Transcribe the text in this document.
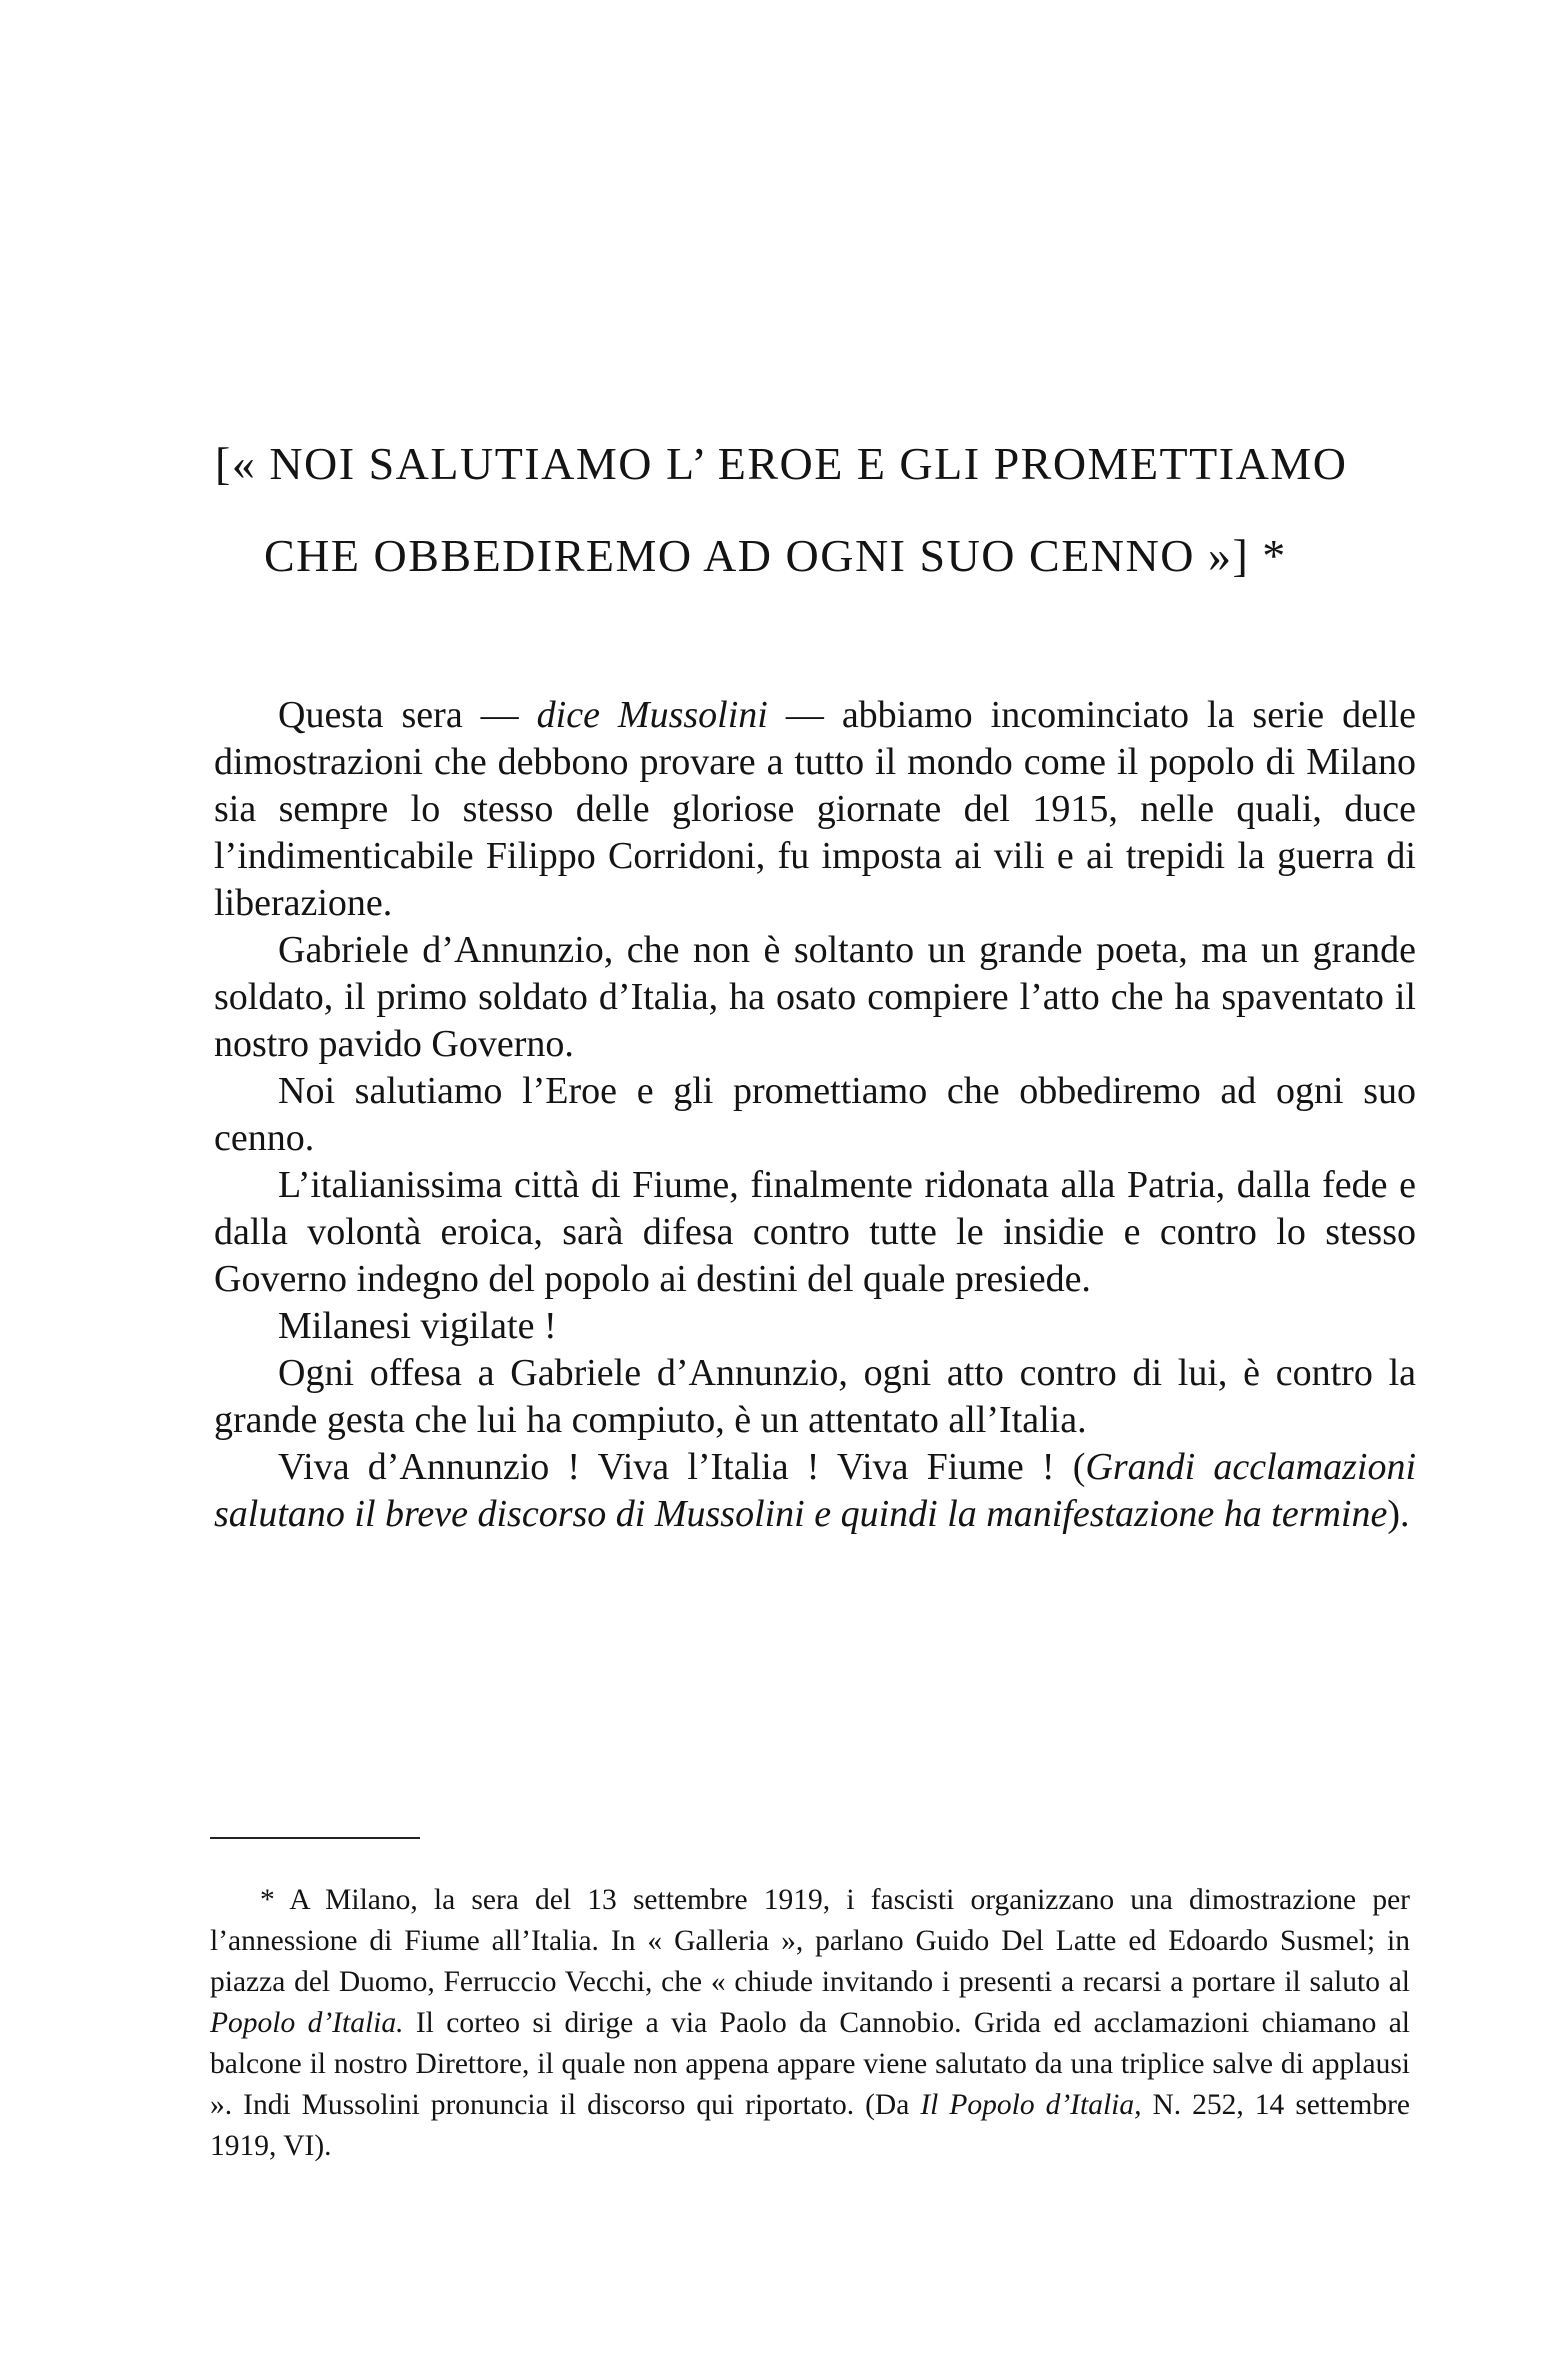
[« NOI SALUTIAMO L’ EROE E GLI PROMETTIAMO
CHE OBBEDIREMO AD OGNI SUO CENNO »] *

Questa sera — dice Mussolini — abbiamo incominciato la serie delle dimostrazioni che debbono provare a tutto il mondo come il popolo di Milano sia sempre lo stesso delle gloriose giornate del 1915, nelle quali, duce l’indimenticabile Filippo Corridoni, fu imposta ai vili e ai trepidi la guerra di liberazione.

Gabriele d’Annunzio, che non è soltanto un grande poeta, ma un grande soldato, il primo soldato d’Italia, ha osato compiere l’atto che ha spaventato il nostro pavido Governo.

Noi salutiamo l’Eroe e gli promettiamo che obbediremo ad ogni suo cenno.

L’italianissima città di Fiume, finalmente ridonata alla Patria, dalla fede e dalla volontà eroica, sarà difesa contro tutte le insidie e contro lo stesso Governo indegno del popolo ai destini del quale presiede.

Milanesi vigilate !

Ogni offesa a Gabriele d’Annunzio, ogni atto contro di lui, è contro la grande gesta che lui ha compiuto, è un attentato all’Italia.

Viva d’Annunzio ! Viva l’Italia ! Viva Fiume ! (Grandi acclamazioni salutano il breve discorso di Mussolini e quindi la manifestazione ha termine).

* A Milano, la sera del 13 settembre 1919, i fascisti organizzano una dimostrazione per l’annessione di Fiume all’Italia. In « Galleria », parlano Guido Del Latte ed Edoardo Susmel; in piazza del Duomo, Ferruccio Vecchi, che « chiude invitando i presenti a recarsi a portare il saluto al Popolo d’Italia. Il corteo si dirige a via Paolo da Cannobio. Grida ed acclamazioni chiamano al balcone il nostro Direttore, il quale non appena appare viene salutato da una triplice salve di applausi ». Indi Mussolini pronuncia il discorso qui riportato. (Da Il Popolo d’Italia, N. 252, 14 settembre 1919, VI).
